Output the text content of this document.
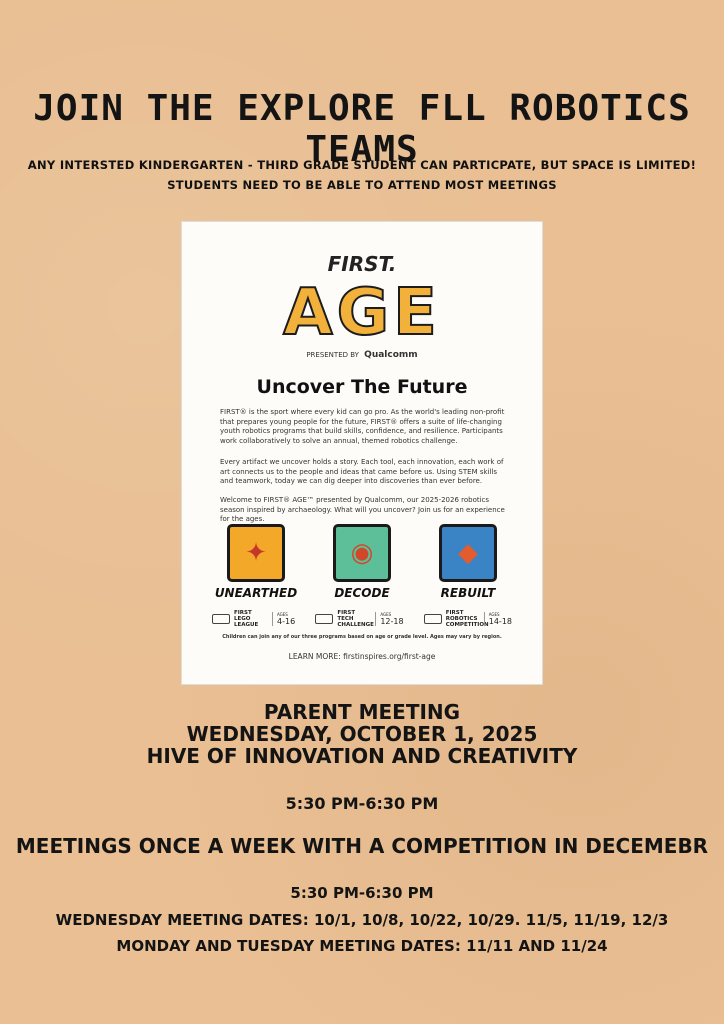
JOIN THE EXPLORE FLL ROBOTICS TEAMS
ANY INTERSTED KINDERGARTEN - THIRD GRADE STUDENT CAN PARTICPATE, BUT SPACE IS LIMITED!
STUDENTS NEED TO BE ABLE TO ATTEND MOST MEETINGS
FIRST.
AGE
PRESENTED BY Qualcomm
Uncover The Future
FIRST® is the sport where every kid can go pro. As the world's leading non-profit that prepares young people for the future, FIRST® offers a suite of life-changing youth robotics programs that build skills, confidence, and resilience. Participants work collaboratively to solve an annual, themed robotics challenge.
Every artifact we uncover holds a story. Each tool, each innovation, each work of art connects us to the people and ideas that came before us. Using STEM skills and teamwork, today we can dig deeper into discoveries than ever before.
Welcome to FIRST® AGE™ presented by Qualcomm, our 2025-2026 robotics season inspired by archaeology. What will you uncover? Join us for an experience for the ages.
✦
UNEARTHED
◉
DECODE
◆
REBUILT
FIRST LEGO LEAGUE
AGES
4-16
FIRST TECH CHALLENGE
AGES
12-18
FIRST ROBOTICS COMPETITION
AGES
14-18
Children can join any of our three programs based on age or grade level. Ages may vary by region.
LEARN MORE: firstinspires.org/first-age
PARENT MEETING
WEDNESDAY, OCTOBER 1, 2025
HIVE OF INNOVATION AND CREATIVITY
5:30 PM-6:30 PM
MEETINGS ONCE A WEEK WITH A COMPETITION IN DECEMEBR
5:30 PM-6:30 PM
WEDNESDAY MEETING DATES: 10/1, 10/8, 10/22, 10/29. 11/5, 11/19, 12/3
MONDAY AND TUESDAY MEETING DATES: 11/11 AND 11/24
